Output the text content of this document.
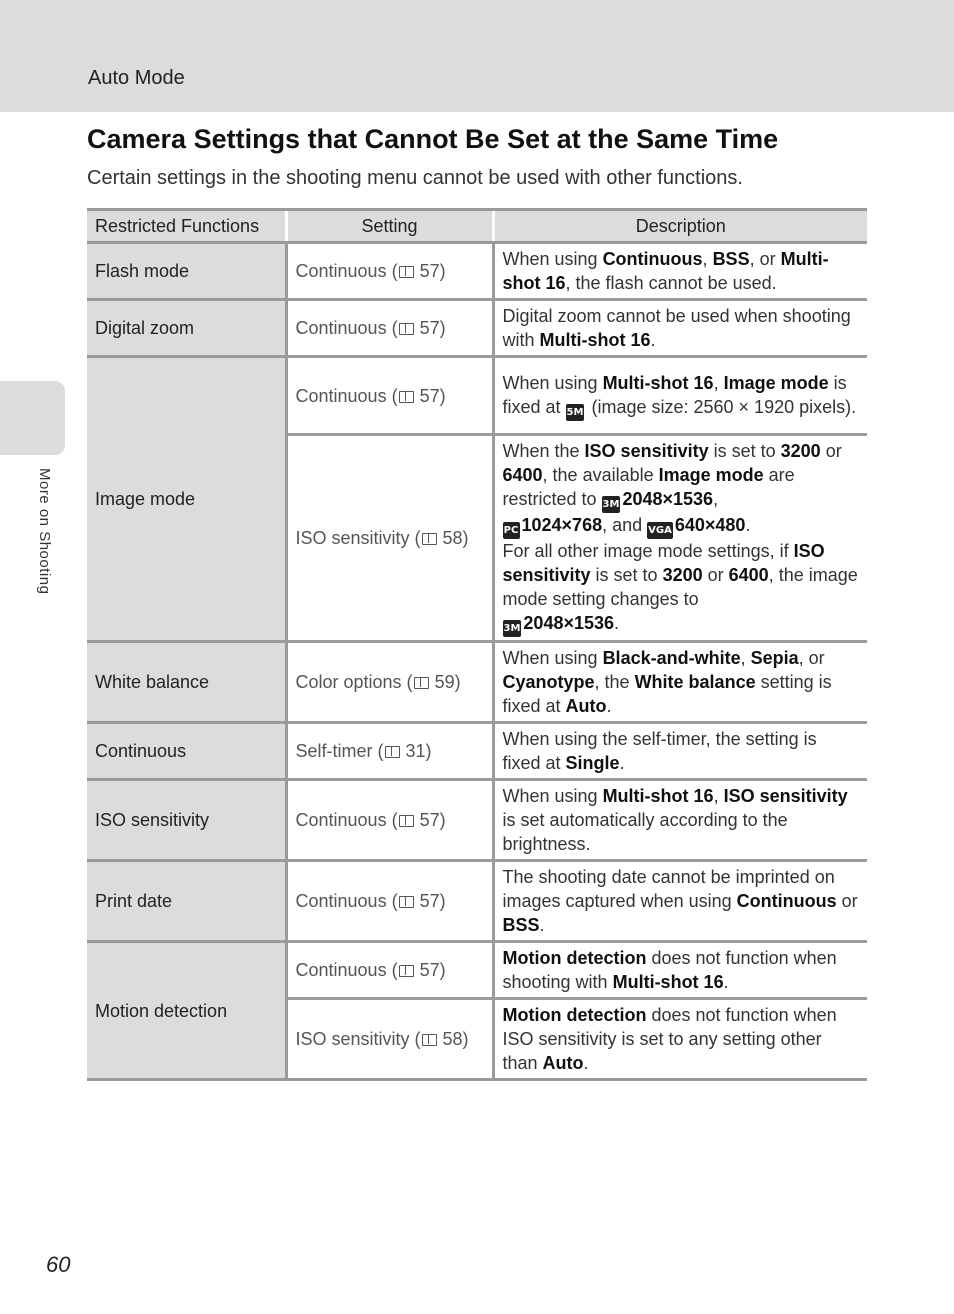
Auto Mode
More on Shooting
Camera Settings that Cannot Be Set at the Same Time
Certain settings in the shooting menu cannot be used with other functions.
Restricted Functions	Setting	Description
Flash mode	Continuous ( 57)	When using Continuous, BSS, or Multi-shot 16, the flash cannot be used.
Digital zoom	Continuous ( 57)	Digital zoom cannot be used when shooting with Multi-shot 16.
Image mode	Continuous ( 57)	When using Multi-shot 16, Image mode is fixed at 5M (image size: 2560 × 1920 pixels).
	ISO sensitivity ( 58)	When the ISO sensitivity is set to 3200 or 6400, the available Image mode are restricted to 3M 2048×1536,
PC 1024×768, and VGA 640×480.
For all other image mode settings, if ISO sensitivity is set to 3200 or 6400, the image mode setting changes to
3M 2048×1536.
White balance	Color options ( 59)	When using Black-and-white, Sepia, or Cyanotype, the White balance setting is fixed at Auto.
Continuous	Self-timer ( 31)	When using the self-timer, the setting is fixed at Single.
ISO sensitivity	Continuous ( 57)	When using Multi-shot 16, ISO sensitivity is set automatically according to the brightness.
Print date	Continuous ( 57)	The shooting date cannot be imprinted on images captured when using Continuous or BSS.
Motion detection	Continuous ( 57)	Motion detection does not function when shooting with Multi-shot 16.
	ISO sensitivity ( 58)	Motion detection does not function when ISO sensitivity is set to any setting other than Auto.
60
